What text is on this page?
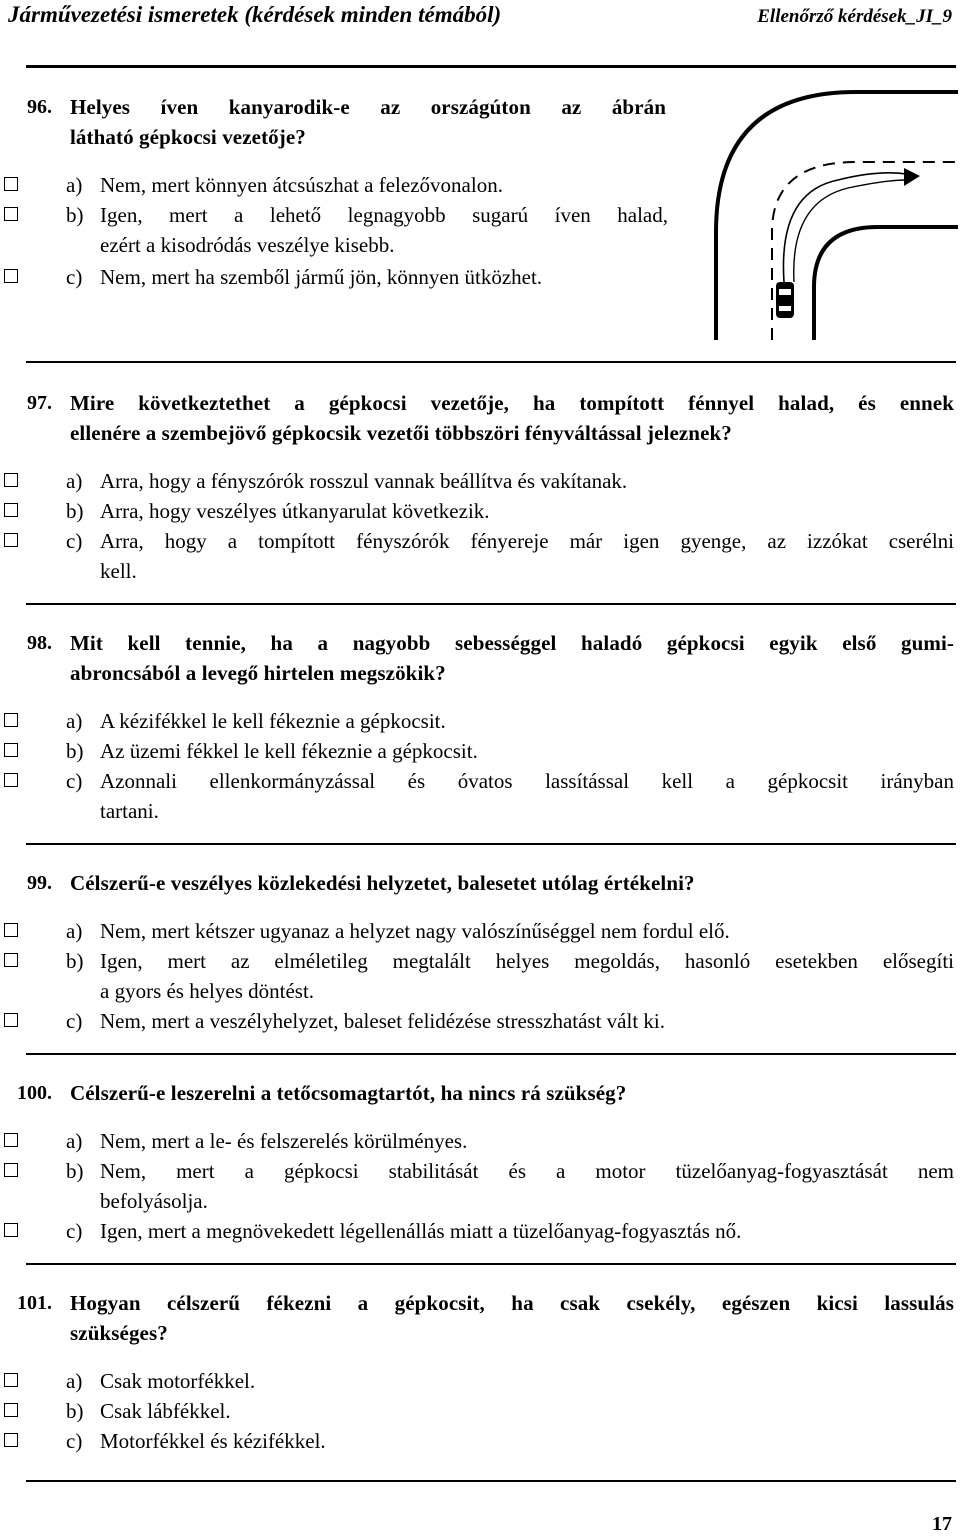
Járművezetési ismeretek (kérdések minden témából)	Ellenőrző kérdések_JI_9
96. Helyes íven kanyarodik-e az országúton az ábrán
látható gépkocsi vezetője?
a) Nem, mert könnyen átcsúszhat a felezővonalon.
b) Igen, mert a lehető legnagyobb sugarú íven halad,
ezért a kisodródás veszélye kisebb.
c) Nem, mert ha szemből jármű jön, könnyen ütközhet.
97. Mire következtethet a gépkocsi vezetője, ha tompított fénnyel halad, és ennek
ellenére a szembejövő gépkocsik vezetői többszöri fényváltással jeleznek?
a) Arra, hogy a fényszórók rosszul vannak beállítva és vakítanak.
b) Arra, hogy veszélyes útkanyarulat következik.
c) Arra, hogy a tompított fényszórók fényereje már igen gyenge, az izzókat cserélni
kell.
98. Mit kell tennie, ha a nagyobb sebességgel haladó gépkocsi egyik első gumi-
abroncsából a levegő hirtelen megszökik?
a) A kézifékkel le kell fékeznie a gépkocsit.
b) Az üzemi fékkel le kell fékeznie a gépkocsit.
c) Azonnali ellenkormányzással és óvatos lassítással kell a gépkocsit irányban
tartani.
99. Célszerű-e veszélyes közlekedési helyzetet, balesetet utólag értékelni?
a) Nem, mert kétszer ugyanaz a helyzet nagy valószínűséggel nem fordul elő.
b) Igen, mert az elméletileg megtalált helyes megoldás, hasonló esetekben elősegíti
a gyors és helyes döntést.
c) Nem, mert a veszélyhelyzet, baleset felidézése stresszhatást vált ki.
100. Célszerű-e leszerelni a tetőcsomagtartót, ha nincs rá szükség?
a) Nem, mert a le- és felszerelés körülményes.
b) Nem, mert a gépkocsi stabilitását és a motor tüzelőanyag-fogyasztását nem
befolyásolja.
c) Igen, mert a megnövekedett légellenállás miatt a tüzelőanyag-fogyasztás nő.
101. Hogyan célszerű fékezni a gépkocsit, ha csak csekély, egészen kicsi lassulás
szükséges?
a) Csak motorfékkel.
b) Csak lábfékkel.
c) Motorfékkel és kézifékkel.
17
